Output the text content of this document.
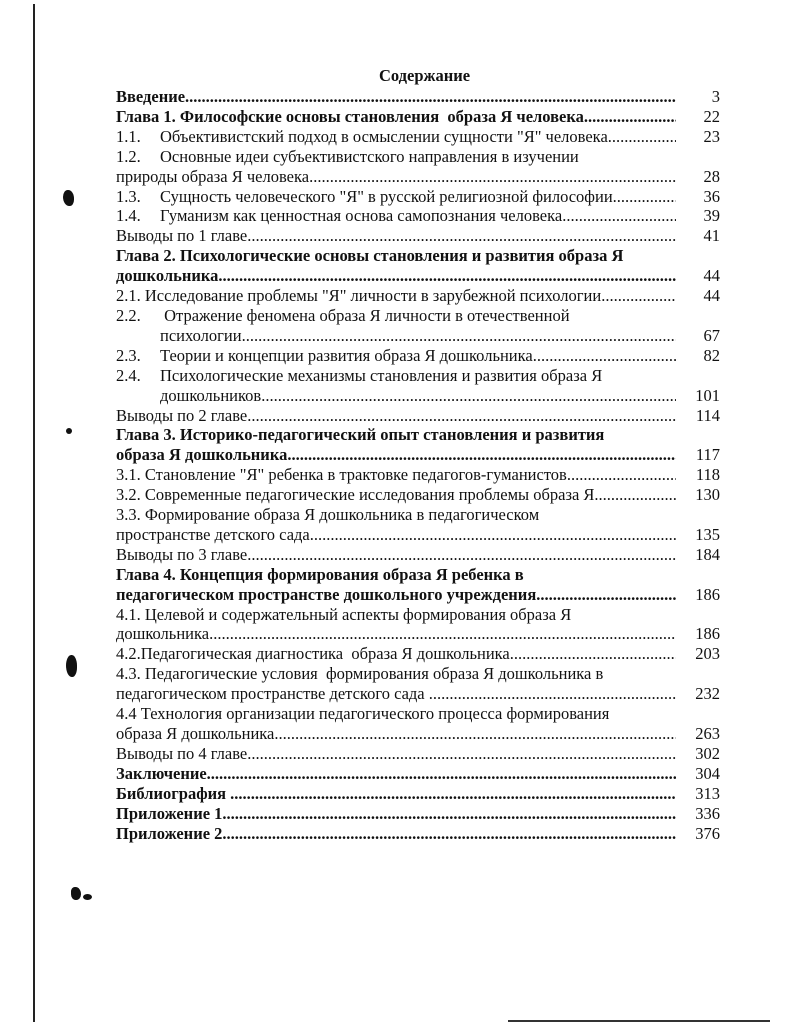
Содержание
Введение .....	3
Глава 1. Философские основы становления  образа Я человека .....	22
1.1.	Объективистский подход в осмыслении сущности "Я" человека .....	23
1.2.	Основные идеи субъективистского направления в изучении
природы образа Я человека .....	28
1.3.	Сущность человеческого "Я" в русской религиозной философии. .....	36
1.4.	Гуманизм как ценностная основа самопознания человека .....	39
Выводы по 1 главе .....	41
Глава 2. Психологические основы становления и развития образа Я
дошкольника .....	44
2.1. Исследование проблемы "Я" личности в зарубежной психологии .....	44
2.2.	Отражение феномена образа Я личности в отечественной
психологии .....	67
2.3.	Теории и концепции развития образа Я дошкольника .....	82
2.4.	Психологические механизмы становления и развития образа Я
дошкольников .....	101
Выводы по 2 главе .....	114
Глава 3. Историко-педагогический опыт становления и развития
образа Я дошкольника .....	117
3.1. Становление "Я" ребенка в трактовке педагогов-гуманистов .....	118
3.2. Современные педагогические исследования проблемы образа Я .....	130
3.3. Формирование образа Я дошкольника в педагогическом
пространстве детского сада .....	135
Выводы по 3 главе .....	184
Глава 4. Концепция формирования образа Я ребенка в
педагогическом пространстве дошкольного учреждения .....	186
4.1. Целевой и содержательный аспекты формирования образа Я
дошкольника .....	186
4.2.Педагогическая диагностика  образа Я дошкольника .....	203
4.3. Педагогические условия  формирования образа Я дошкольника в
педагогическом пространстве детского сада .....	232
4.4 Технология организации педагогического процесса формирования
образа Я дошкольника .....	263
Выводы по 4 главе .....	302
Заключение .....	304
Библиография .....	313
Приложение 1 .....	336
Приложение 2 .....	376
